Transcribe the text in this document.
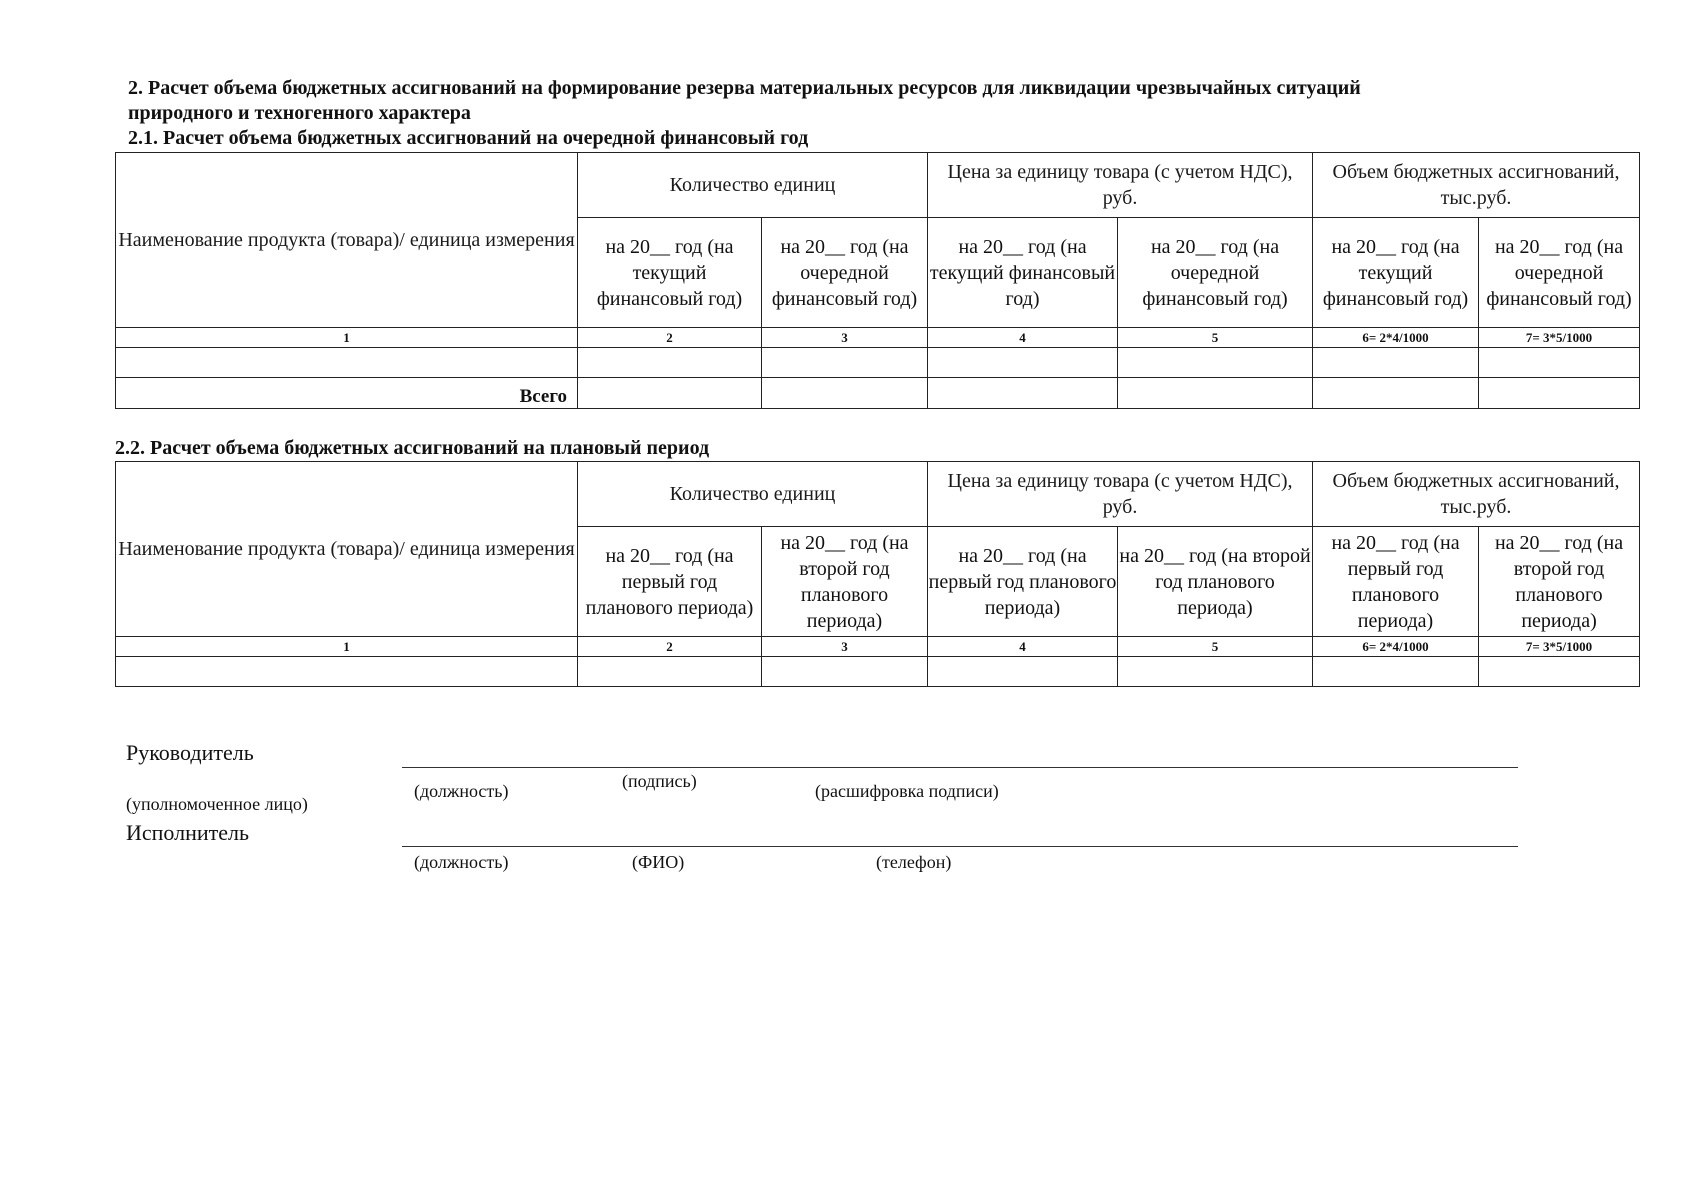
2. Расчет объема бюджетных ассигнований на формирование резерва материальных ресурсов для ликвидации чрезвычайных ситуаций
природного и техногенного характера
2.1. Расчет объема бюджетных ассигнований на очередной финансовый год
Наименование продукта (товара)/ единица измерения	Количество единиц		Цена за единицу товара (с учетом НДС), руб.		Объем бюджетных ассигнований, тыс.руб.	
	на 20__ год (на текущий финансовый год)	на 20__ год (на очередной финансовый год)	на 20__ год (на текущий финансовый год)	на 20__ год (на очередной финансовый год)	на 20__ год (на текущий финансовый год)	на 20__ год (на очередной финансовый год)
1	2	3	4	5	6= 2*4/1000	7= 3*5/1000

Всего						
2.2. Расчет объема бюджетных ассигнований на плановый период
Наименование продукта (товара)/ единица измерения	Количество единиц		Цена за единицу товара (с учетом НДС), руб.		Объем бюджетных ассигнований, тыс.руб.	
	на 20__ год (на первый год планового периода)	на 20__ год (на второй год планового периода)	на 20__ год (на первый год планового периода)	на 20__ год (на второй год планового периода)	на 20__ год (на первый год планового периода)	на 20__ год (на второй год планового периода)
1	2	3	4	5	6= 2*4/1000	7= 3*5/1000

Руководитель
(уполномоченное лицо)
(должность)	(подпись)	(расшифровка подписи)
Исполнитель
(должность)	(ФИО)	(телефон)
